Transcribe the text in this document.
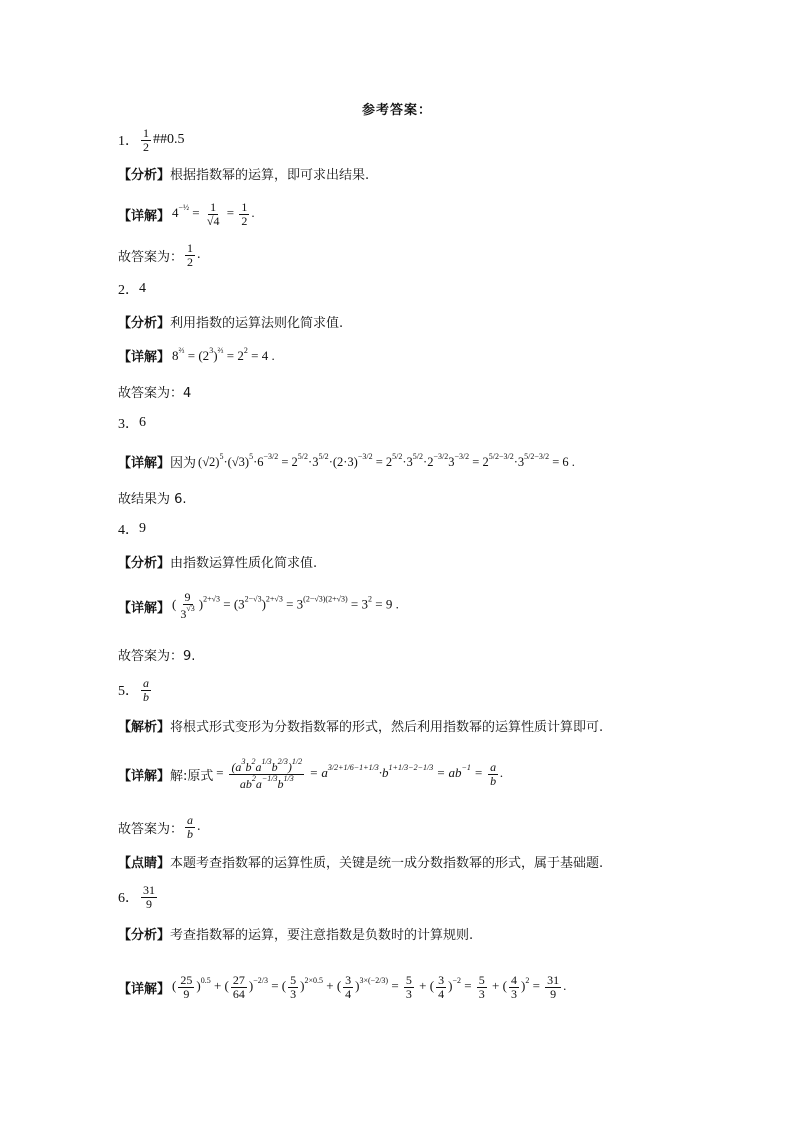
参考答案：
1． $\frac{1}{2}$ ##0.5
【分析】 根据指数幂的运算，即可求出结果.
【详解】 $4^{-\frac{1}{2}} = \frac{1}{√4} = \frac{1}{2}$ .
故答案为： $\frac{1}{2}$ .
2． 4
【分析】 利用指数的运算法则化简求值.
【详解】 $8^{\frac{2}{3}} = (2^3)^{\frac{2}{3}} = 2^2 = 4$ .
故答案为：4
3． 6
【详解】 因为 $(√2)^5\cdot(√3)^5\cdot 6^{-3/2} = 2^{5/2}\cdot 3^{5/2}\cdot(2\cdot 3)^{-3/2} = 2^{5/2}\cdot 3^{5/2}\cdot 2^{-3/2}3^{-3/2} = 2^{5/2-3/2}\cdot 3^{5/2-3/2} = 6$ .
故结果为 6.
4． 9
【分析】 由指数运算性质化简求值.
【详解】 ( $\frac{9}{3^{√3}} )^{2+√3} = (3^{2-√3})^{2+√3} = 3^{(2-√3)(2+√3)} = 3^2 = 9$ .
故答案为：9.
5． $\frac{a}{b}$
【解析】 将根式形式变形为分数指数幂的形式，然后利用指数幂的运算性质计算即可.
【详解】 解:原式 = $\frac{(a^3b^2a^{1/3}b^{2/3})^{1/2}}{ab^2a^{-1/3}b^{1/3}} = a^{3/2+1/6-1+1/3}\cdot b^{1+1/3-2-1/3} = ab^{-1} = \frac{a}{b}$ .
故答案为： $\frac{a}{b}$ .
【点睛】 本题考查指数幂的运算性质，关键是统一成分数指数幂的形式，属于基础题.
6． $\frac{31}{9}$
【分析】 考查指数幂的运算，要注意指数是负数时的计算规则.
【详解】 ( $\frac{25}{9} )^{0.5}$ + ( $\frac{27}{64} )^{-2/3}$ = ( $\frac{5}{3} )^{2\times 0.5}$ + ( $\frac{3}{4} )^{3\times(-2/3)} = \frac{5}{3}$ + ( $\frac{3}{4} )^{-2} = \frac{5}{3}$ + ( $\frac{4}{3} )^2 = \frac{31}{9}$ .
